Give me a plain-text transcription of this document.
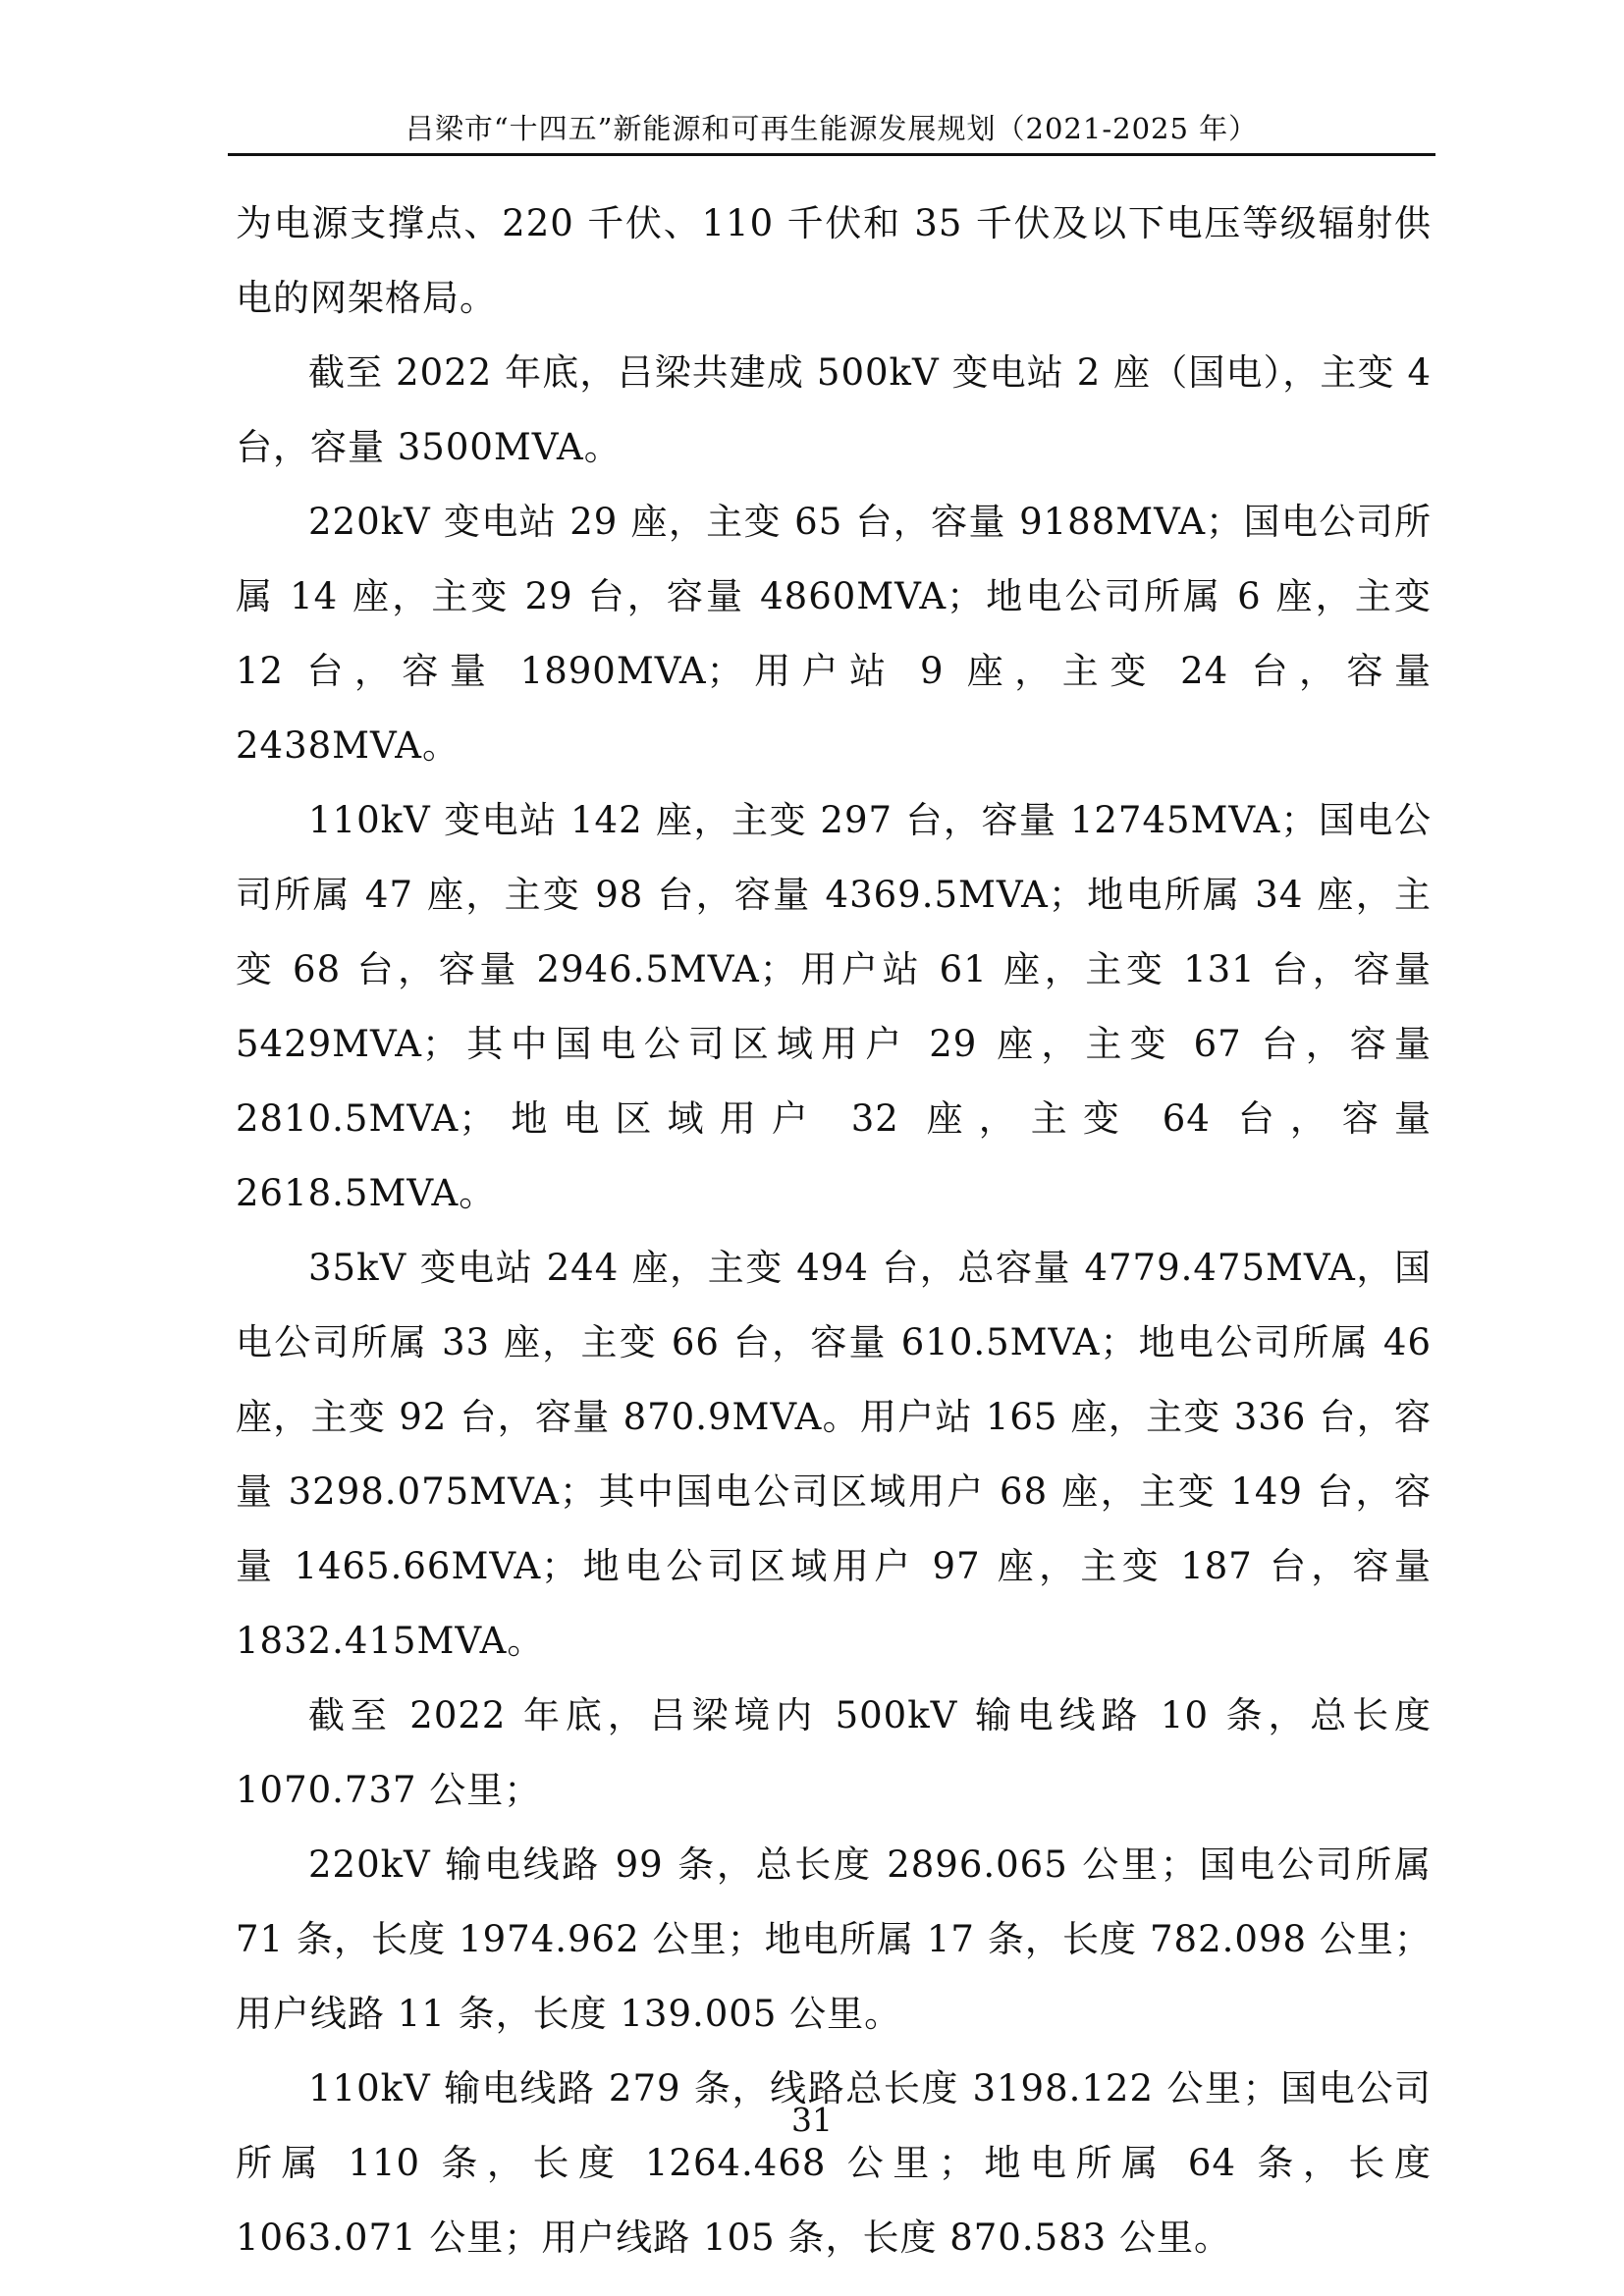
吕梁市“十四五”新能源和可再生能源发展规划（2021-2025 年）

为电源支撑点、220 千伏、110 千伏和 35 千伏及以下电压等级辐射供电的网架格局。

截至 2022 年底，吕梁共建成 500kV 变电站 2 座（国电），主变 4 台，容量 3500MVA。

220kV 变电站 29 座，主变 65 台，容量 9188MVA；国电公司所属 14 座，主变 29 台，容量 4860MVA；地电公司所属 6 座，主变 12 台，容量 1890MVA；用户站 9 座，主变 24 台，容量 2438MVA。

110kV 变电站 142 座，主变 297 台，容量 12745MVA；国电公司所属 47 座，主变 98 台，容量 4369.5MVA；地电所属 34 座，主变 68 台，容量 2946.5MVA；用户站 61 座，主变 131 台，容量 5429MVA；其中国电公司区域用户 29 座，主变 67 台，容量 2810.5MVA；地电区域用户 32 座，主变 64 台，容量 2618.5MVA。

35kV 变电站 244 座，主变 494 台，总容量 4779.475MVA，国电公司所属 33 座，主变 66 台，容量 610.5MVA；地电公司所属 46 座，主变 92 台，容量 870.9MVA。用户站 165 座，主变 336 台，容量 3298.075MVA；其中国电公司区域用户 68 座，主变 149 台，容量 1465.66MVA；地电公司区域用户 97 座，主变 187 台，容量 1832.415MVA。

截至 2022 年底，吕梁境内 500kV 输电线路 10 条，总长度 1070.737 公里；

220kV 输电线路 99 条，总长度 2896.065 公里；国电公司所属 71 条，长度 1974.962 公里；地电所属 17 条，长度 782.098 公里；用户线路 11 条，长度 139.005 公里。

110kV 输电线路 279 条，线路总长度 3198.122 公里；国电公司所属 110 条，长度 1264.468 公里；地电所属 64 条，长度 1063.071 公里；用户线路 105 条，长度 870.583 公里。

31
